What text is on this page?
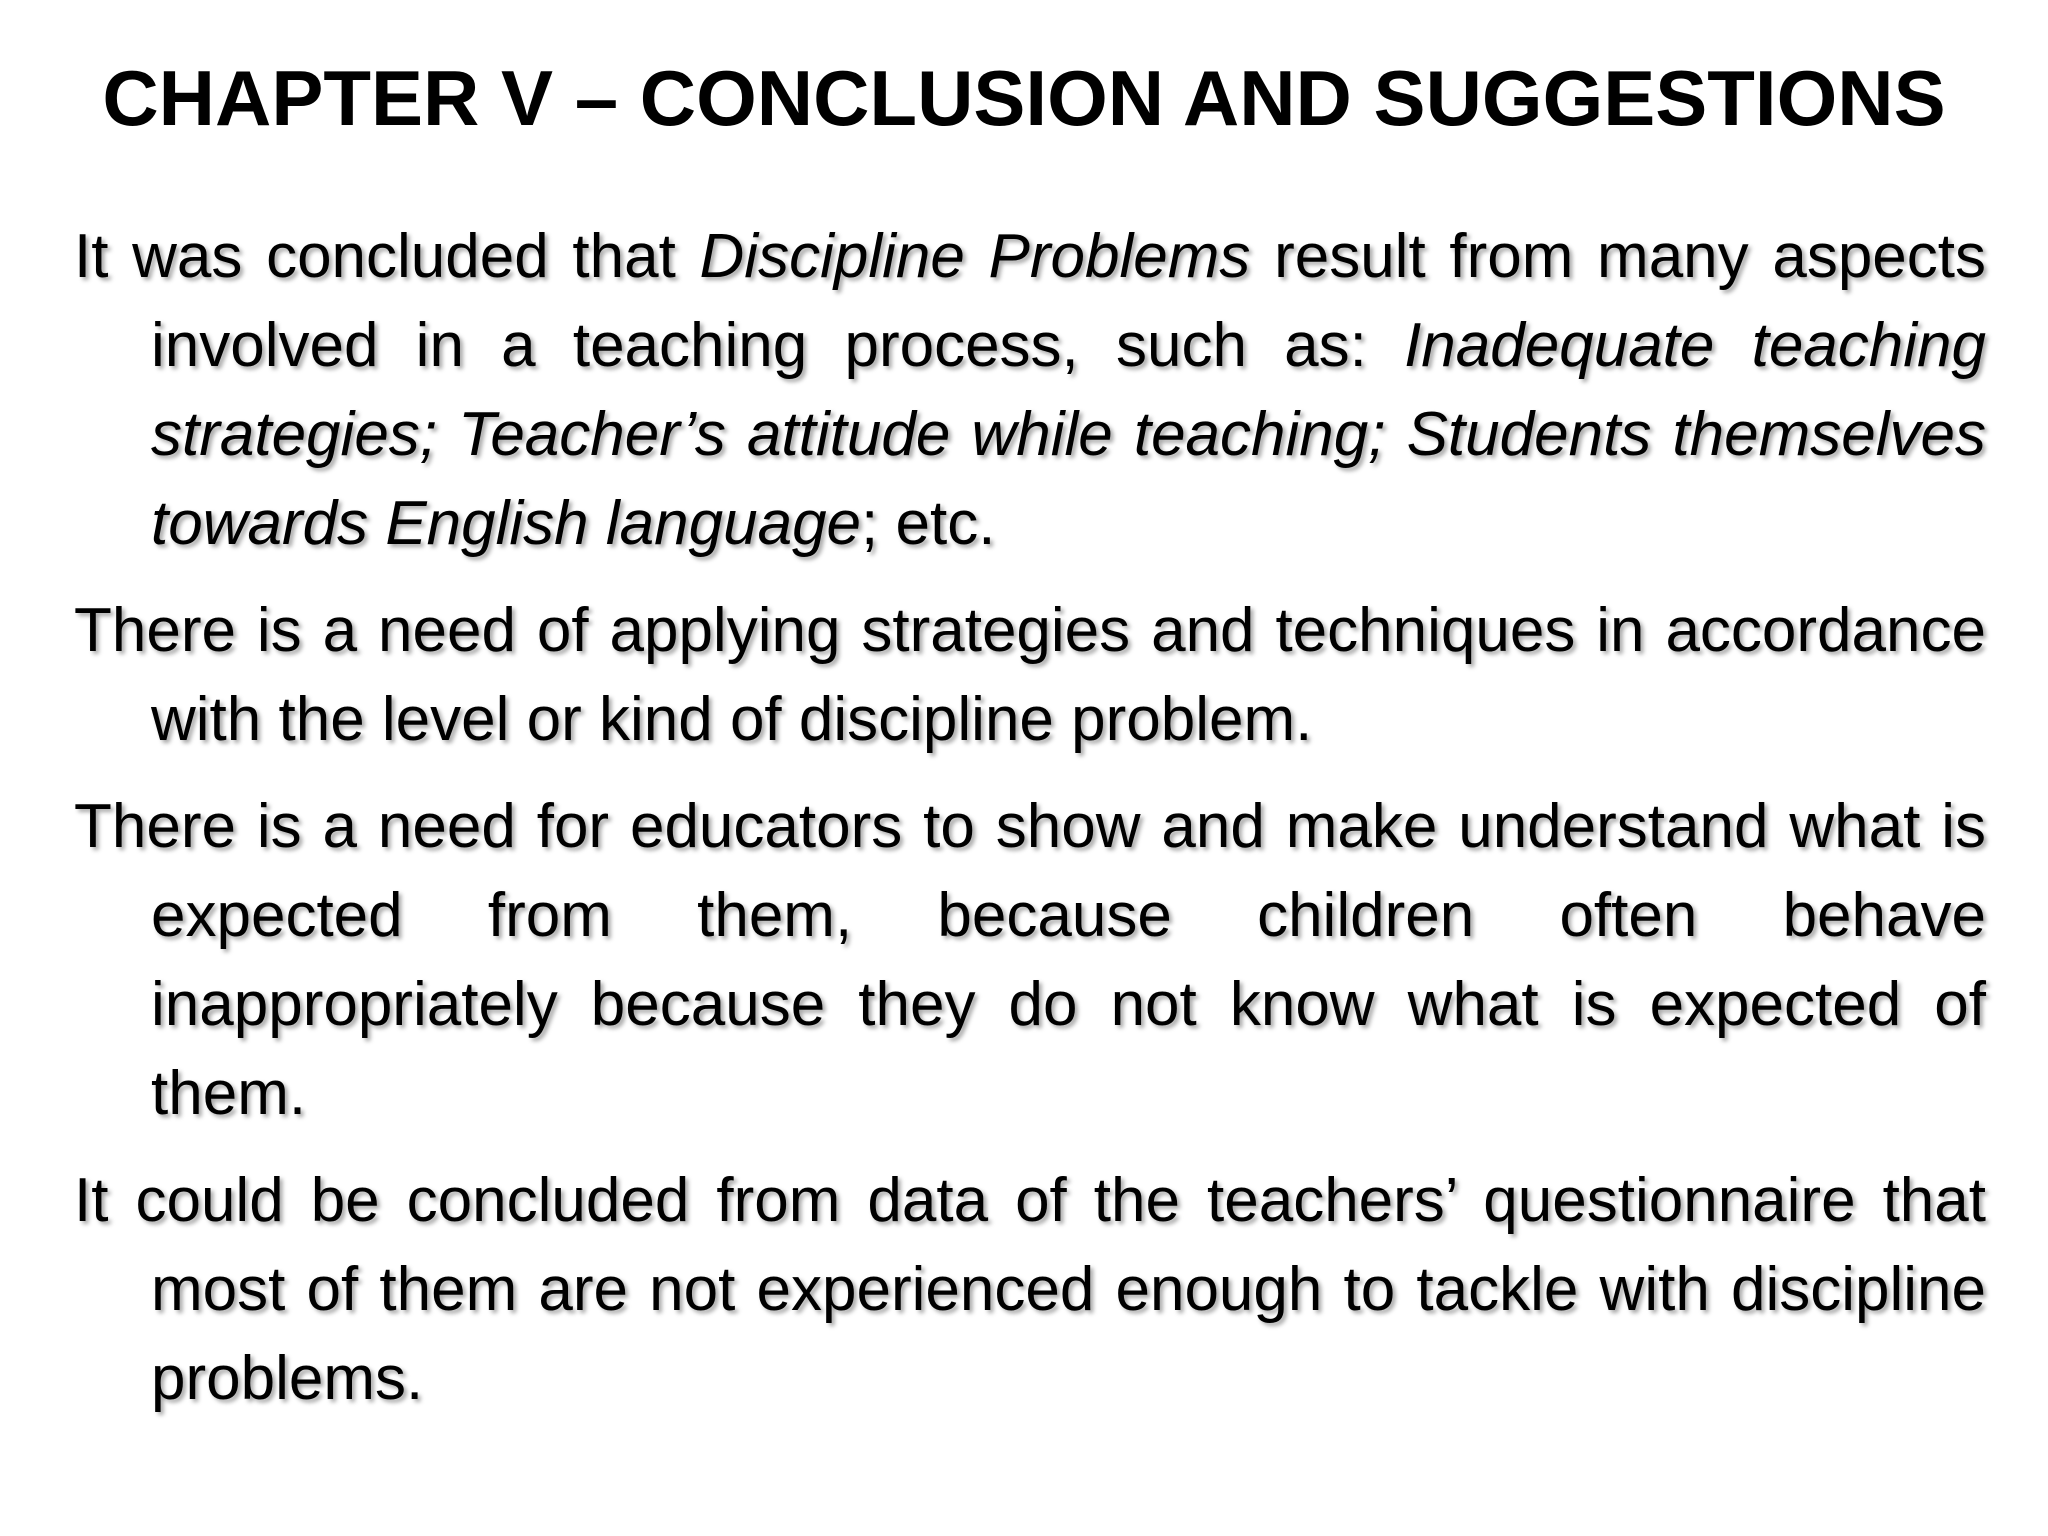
CHAPTER V – CONCLUSION AND SUGGESTIONS

It was concluded that Discipline Problems result from many aspects involved in a teaching process, such as: Inadequate teaching strategies; Teacher’s attitude while teaching; Students themselves towards English language; etc.

There is a need of applying strategies and techniques in accordance with the level or kind of discipline problem.

There is a need for educators to show and make understand what is expected from them, because children often behave inappropriately because they do not know what is expected of them.

It could be concluded from data of the teachers’ questionnaire that most of them are not experienced enough to tackle with discipline problems.
